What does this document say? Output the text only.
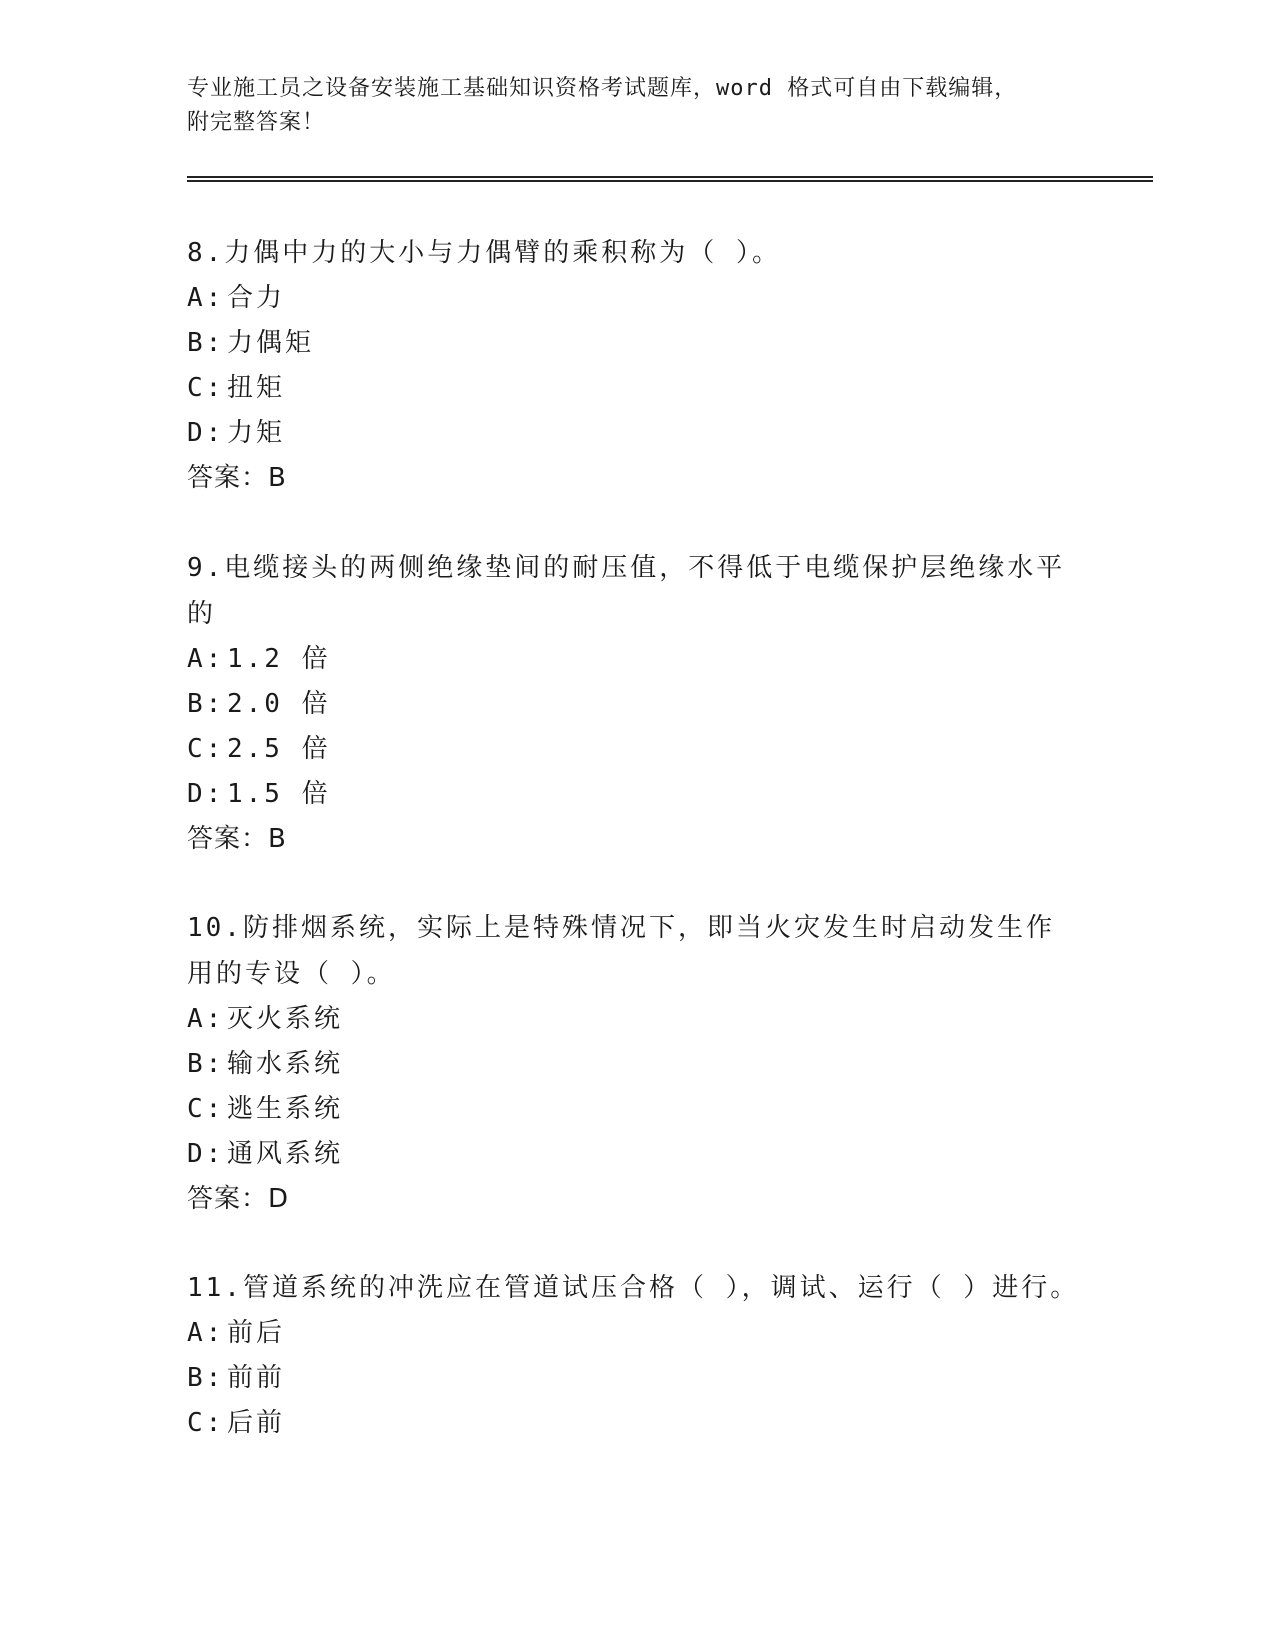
专业施工员之设备安装施工基础知识资格考试题库，word 格式可自由下载编辑，
附完整答案！
8.力偶中力的大小与力偶臂的乘积称为（ ）。
A: 合力
B: 力偶矩
C: 扭矩
D: 力矩
答案：B
9.电缆接头的两侧绝缘垫间的耐压值，不得低于电缆保护层绝缘水平的
A: 1.2 倍
B: 2.0 倍
C: 2.5 倍
D: 1.5 倍
答案：B
10.防排烟系统，实际上是特殊情况下，即当火灾发生时启动发生作用的专设（ ）。
A: 灭火系统
B: 输水系统
C: 逃生系统
D: 通风系统
答案：D
11.管道系统的冲洗应在管道试压合格（ ），调试、运行（ ）进行。
A: 前后
B: 前前
C: 后前
